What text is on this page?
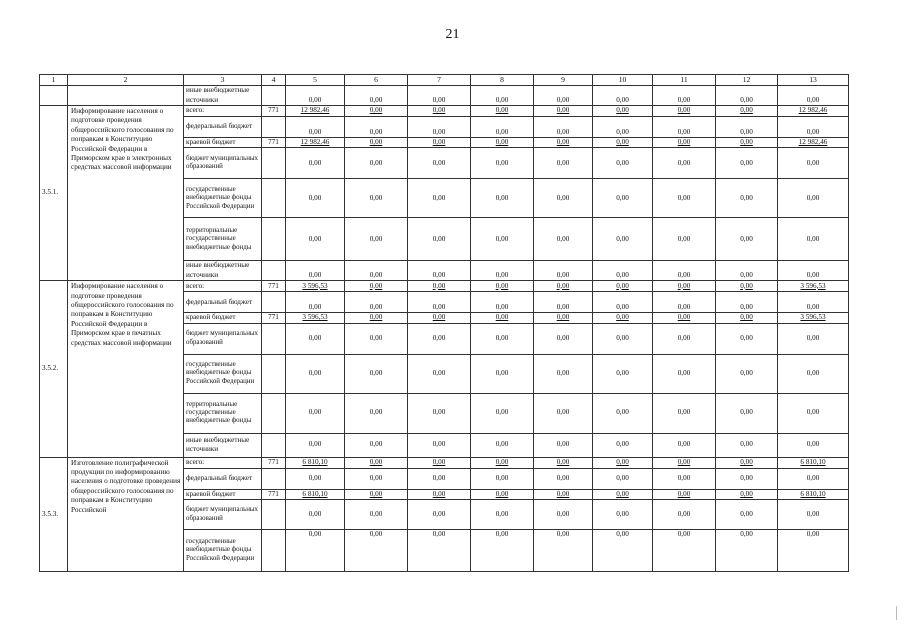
21
1	2	3	4	5	6	7	8	9	10	11	12	13
		иные внебюджетные источники		0,00	0,00	0,00	0,00	0,00	0,00	0,00	0,00	0,00
3.5.1.	Информирование населения о подготовке проведения общероссийского голосования по поправкам в Конституцию Российской Федерации в Приморском крае в электронных средствах массовой информации	всего:	771	12 982,46	0,00	0,00	0,00	0,00	0,00	0,00	0,00	12 982,46
		федеральный бюджет		0,00	0,00	0,00	0,00	0,00	0,00	0,00	0,00	0,00
		краевой бюджет	771	12 982,46	0,00	0,00	0,00	0,00	0,00	0,00	0,00	12 982,46
		бюджет муниципальных образований		0,00	0,00	0,00	0,00	0,00	0,00	0,00	0,00	0,00
		государственные внебюджетные фонды Российской Федерации		0,00	0,00	0,00	0,00	0,00	0,00	0,00	0,00	0,00
		территориальные государственные внебюджетные фонды		0,00	0,00	0,00	0,00	0,00	0,00	0,00	0,00	0,00
		иные внебюджетные источники		0,00	0,00	0,00	0,00	0,00	0,00	0,00	0,00	0,00
3.5.2.	Информирование населения о подготовке проведения общероссийского голосования по поправкам в Конституцию Российской Федерации в Приморском крае в печатных средствах массовой информации	всего:	771	3 596,53	0,00	0,00	0,00	0,00	0,00	0,00	0,00	3 596,53
		федеральный бюджет		0,00	0,00	0,00	0,00	0,00	0,00	0,00	0,00	0,00
		краевой бюджет	771	3 596,53	0,00	0,00	0,00	0,00	0,00	0,00	0,00	3 596,53
		бюджет муниципальных образований		0,00	0,00	0,00	0,00	0,00	0,00	0,00	0,00	0,00
		государственные внебюджетные фонды Российской Федерации		0,00	0,00	0,00	0,00	0,00	0,00	0,00	0,00	0,00
		территориальные государственные внебюджетные фонды		0,00	0,00	0,00	0,00	0,00	0,00	0,00	0,00	0,00
		иные внебюджетные источники		0,00	0,00	0,00	0,00	0,00	0,00	0,00	0,00	0,00
3.5.3.	Изготовление полиграфической продукции по информированию населения о подготовке проведения общероссийского голосования по поправкам в Конституцию Российской	всего:	771	6 810,10	0,00	0,00	0,00	0,00	0,00	0,00	0,00	6 810,10
		федеральный бюджет		0,00	0,00	0,00	0,00	0,00	0,00	0,00	0,00	0,00
		краевой бюджет	771	6 810,10	0,00	0,00	0,00	0,00	0,00	0,00	0,00	6 810,10
		бюджет муниципальных образований		0,00	0,00	0,00	0,00	0,00	0,00	0,00	0,00	0,00
		государственные внебюджетные фонды Российской Федерации		0,00	0,00	0,00	0,00	0,00	0,00	0,00	0,00	0,00
